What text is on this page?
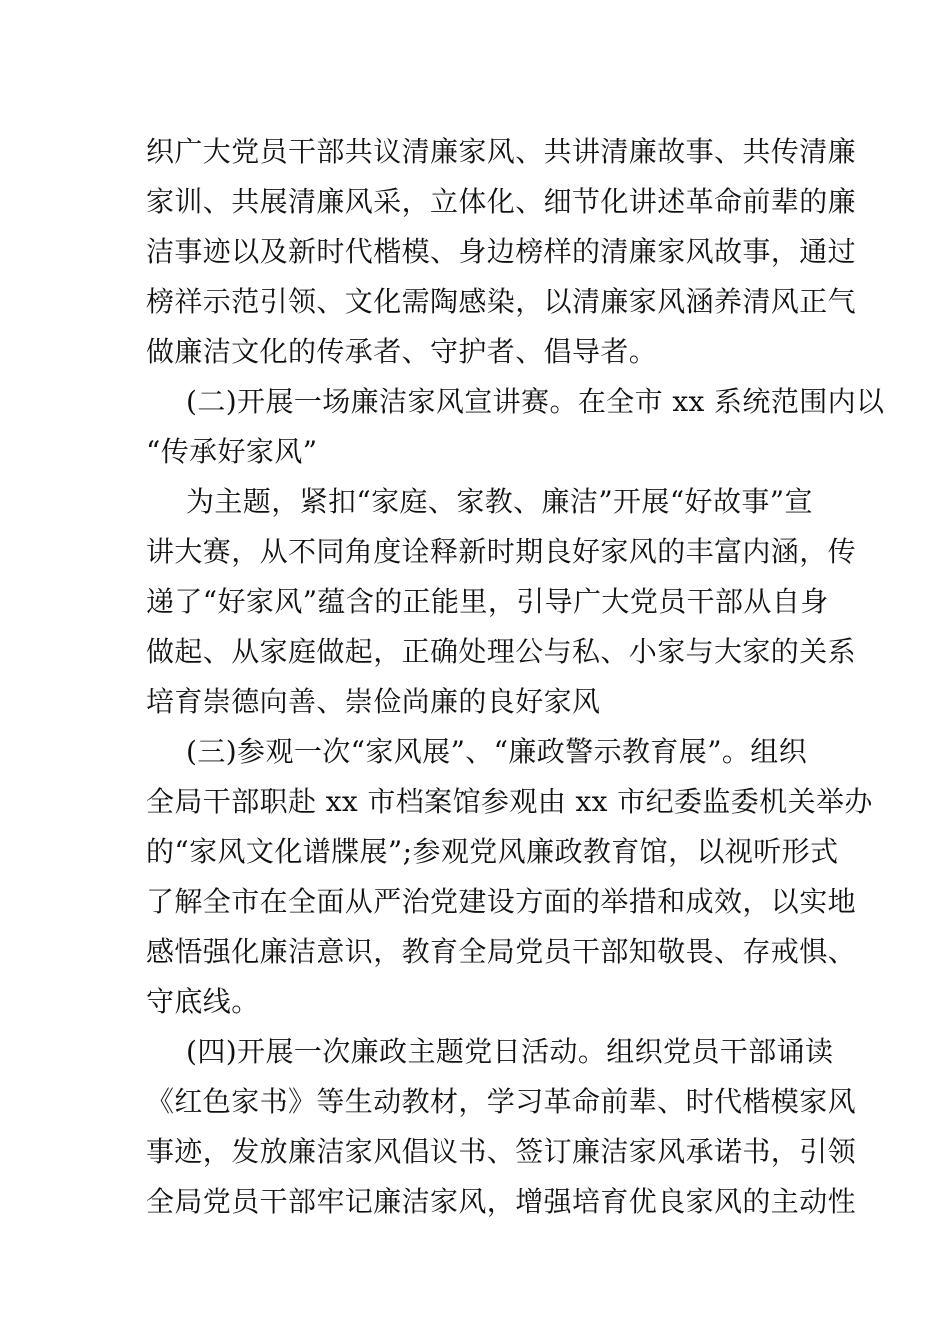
织广大党员干部共议清廉家风、共讲清廉故事、共传清廉
家训、共展清廉风采，立体化、细节化讲述革命前辈的廉
洁事迹以及新时代楷模、身边榜样的清廉家风故事，通过
榜祥示范引领、文化需陶感染，以清廉家风涵养清风正气
做廉洁文化的传承者、守护者、倡导者。
(二)开展一场廉洁家风宣讲赛。在全市 xx 系统范围内以
“传承好家风”
为主题，紧扣“家庭、家教、廉洁”开展“好故事”宣
讲大赛，从不同角度诠释新时期良好家风的丰富内涵，传
递了“好家风”蕴含的正能里，引导广大党员干部从自身
做起、从家庭做起，正确处理公与私、小家与大家的关系
培育崇德向善、崇俭尚廉的良好家风
(三)参观一次“家风展”、“廉政警示教育展”。组织
全局干部职赴 xx 市档案馆参观由 xx 市纪委监委机关举办
的“家风文化谱牒展”;参观党风廉政教育馆，以视听形式
了解全市在全面从严治党建设方面的举措和成效，以实地
感悟强化廉洁意识，教育全局党员干部知敬畏、存戒惧、
守底线。
(四)开展一次廉政主题党日活动。组织党员干部诵读
《红色家书》等生动教材，学习革命前辈、时代楷模家风
事迹，发放廉洁家风倡议书、签订廉洁家风承诺书，引领
全局党员干部牢记廉洁家风，增强培育优良家风的主动性
